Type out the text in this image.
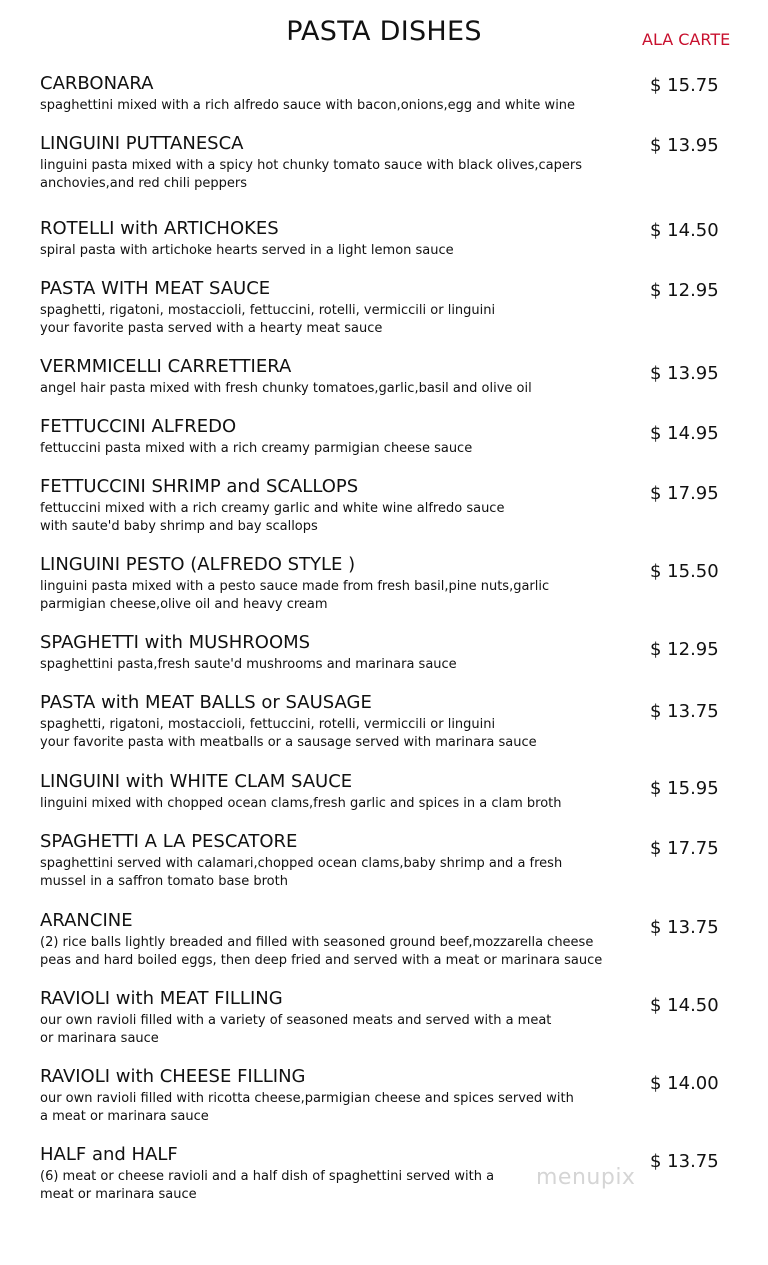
PASTA DISHES	ALA CARTE
CARBONARA
spaghettini mixed with a rich alfredo sauce with bacon,onions,egg and white wine
$ 15.75
LINGUINI PUTTANESCA
linguini pasta mixed with a spicy hot chunky tomato sauce with black olives,capers
anchovies,and red chili peppers
$ 13.95
ROTELLI with ARTICHOKES
spiral pasta with artichoke hearts served in a light lemon sauce
$ 14.50
PASTA WITH MEAT SAUCE
spaghetti, rigatoni, mostaccioli, fettuccini, rotelli, vermiccili or linguini
your favorite pasta served with a hearty meat sauce
$ 12.95
VERMMICELLI CARRETTIERA
angel hair pasta mixed with fresh chunky tomatoes,garlic,basil and olive oil
$ 13.95
FETTUCCINI ALFREDO
fettuccini pasta mixed with a rich creamy parmigian cheese sauce
$ 14.95
FETTUCCINI SHRIMP and SCALLOPS
fettuccini mixed with a rich creamy garlic and white wine alfredo sauce
with saute'd baby shrimp and bay scallops
$ 17.95
LINGUINI PESTO (ALFREDO STYLE )
linguini pasta mixed with a pesto sauce made from fresh basil,pine nuts,garlic
parmigian cheese,olive oil and heavy cream
$ 15.50
SPAGHETTI with MUSHROOMS
spaghettini pasta,fresh saute'd mushrooms and marinara sauce
$ 12.95
PASTA with MEAT BALLS or SAUSAGE
spaghetti, rigatoni, mostaccioli, fettuccini, rotelli, vermiccili or linguini
your favorite pasta with meatballs or a sausage served with marinara sauce
$ 13.75
LINGUINI with WHITE CLAM SAUCE
linguini mixed with chopped ocean clams,fresh garlic and spices in a clam broth
$ 15.95
SPAGHETTI A LA PESCATORE
spaghettini served with calamari,chopped ocean clams,baby shrimp and a fresh
mussel in a saffron tomato base broth
$ 17.75
ARANCINE
(2) rice balls lightly breaded and filled with seasoned ground beef,mozzarella cheese
peas and hard boiled eggs, then deep fried and served with a meat or marinara sauce
$ 13.75
RAVIOLI with MEAT FILLING
our own ravioli filled with a variety of seasoned meats and served with a meat
or marinara sauce
$ 14.50
RAVIOLI with CHEESE FILLING
our own ravioli filled with ricotta cheese,parmigian cheese and spices served with
a meat or marinara sauce
$ 14.00
HALF and HALF
(6) meat or cheese ravioli and a half dish of spaghettini served with a
meat or marinara sauce
$ 13.75
menupix
